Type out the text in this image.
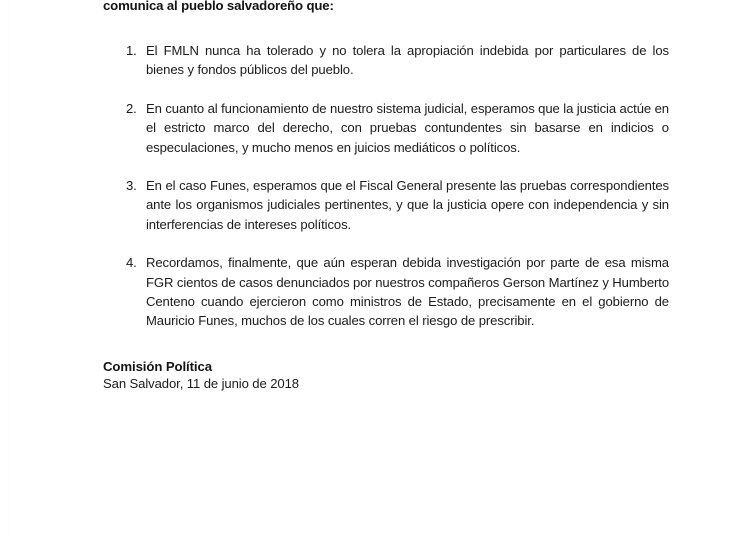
comunica al pueblo salvadoreño que:

1. El FMLN nunca ha tolerado y no tolera la apropiación indebida por particulares de los bienes y fondos públicos del pueblo.
2. En cuanto al funcionamiento de nuestro sistema judicial, esperamos que la justicia actúe en el estricto marco del derecho, con pruebas contundentes sin basarse en indicios o especulaciones, y mucho menos en juicios mediáticos o políticos.
3. En el caso Funes, esperamos que el Fiscal General presente las pruebas correspondientes ante los organismos judiciales pertinentes, y que la justicia opere con independencia y sin interferencias de intereses políticos.
4. Recordamos, finalmente, que aún esperan debida investigación por parte de esa misma FGR cientos de casos denunciados por nuestros compañeros Gerson Martínez y Humberto Centeno cuando ejercieron como ministros de Estado, precisamente en el gobierno de Mauricio Funes, muchos de los cuales corren el riesgo de prescribir.

Comisión Política

San Salvador, 11 de junio de 2018
